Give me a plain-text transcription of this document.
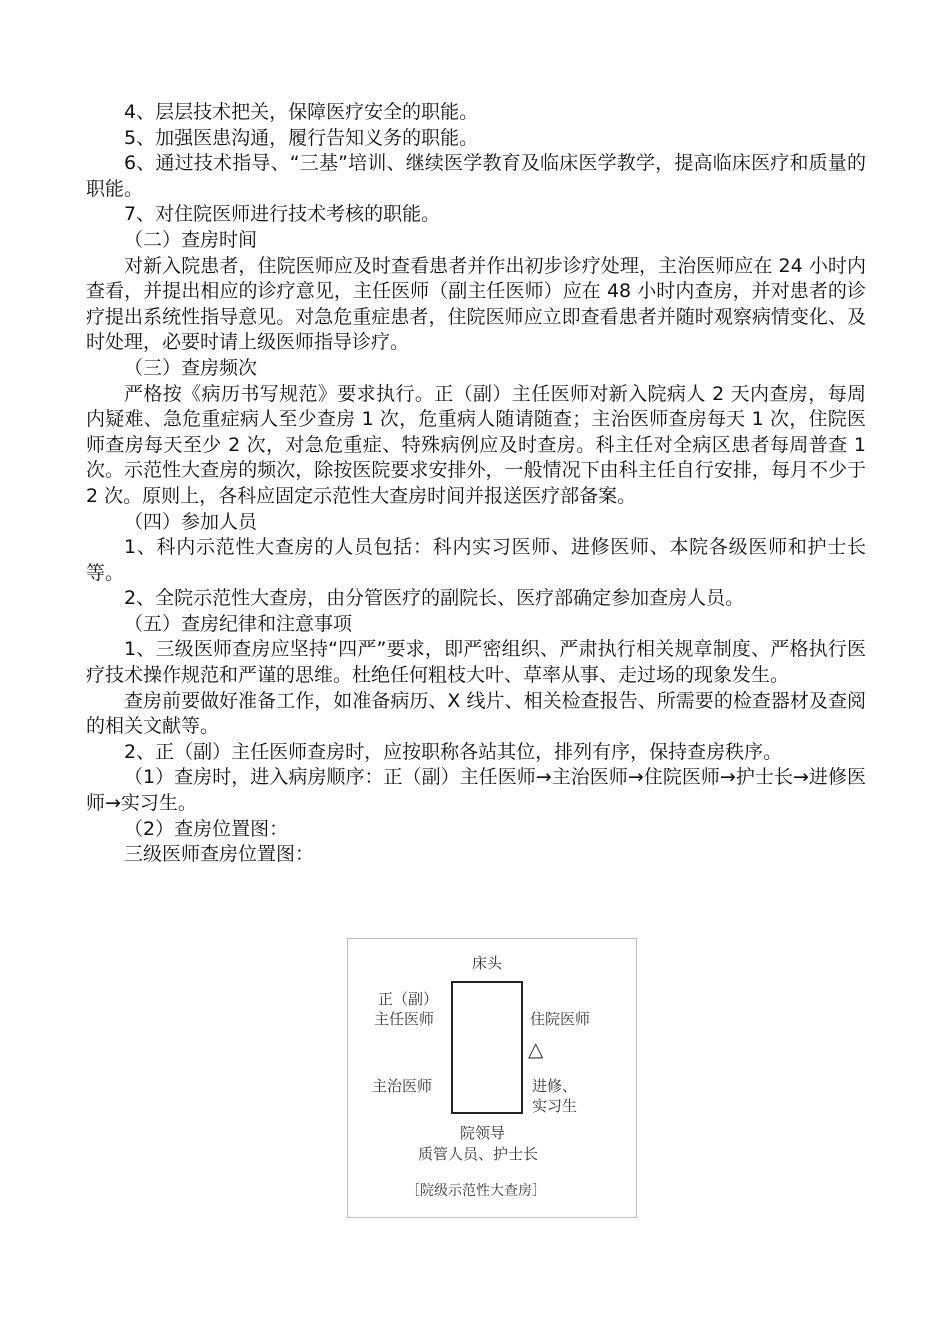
4、层层技术把关，保障医疗安全的职能。

5、加强医患沟通，履行告知义务的职能。

6、通过技术指导、“三基”培训、继续医学教育及临床医学教学，提高临床医疗和质量的职能。

7、对住院医师进行技术考核的职能。

（二）查房时间

对新入院患者，住院医师应及时查看患者并作出初步诊疗处理，主治医师应在 24 小时内查看，并提出相应的诊疗意见，主任医师（副主任医师）应在 48 小时内查房，并对患者的诊疗提出系统性指导意见。对急危重症患者，住院医师应立即查看患者并随时观察病情变化、及时处理，必要时请上级医师指导诊疗。

（三）查房频次

严格按《病历书写规范》要求执行。正（副）主任医师对新入院病人 2 天内查房，每周内疑难、急危重症病人至少查房 1 次，危重病人随请随查；主治医师查房每天 1 次，住院医师查房每天至少 2 次，对急危重症、特殊病例应及时查房。科主任对全病区患者每周普查 1 次。示范性大查房的频次，除按医院要求安排外，一般情况下由科主任自行安排，每月不少于 2 次。原则上，各科应固定示范性大查房时间并报送医疗部备案。

（四）参加人员

1、科内示范性大查房的人员包括：科内实习医师、进修医师、本院各级医师和护士长等。

2、全院示范性大查房，由分管医疗的副院长、医疗部确定参加查房人员。

（五）查房纪律和注意事项

1、三级医师查房应坚持“四严”要求，即严密组织、严肃执行相关规章制度、严格执行医疗技术操作规范和严谨的思维。杜绝任何粗枝大叶、草率从事、走过场的现象发生。

查房前要做好准备工作，如准备病历、X 线片、相关检查报告、所需要的检查器材及查阅的相关文献等。

2、正（副）主任医师查房时，应按职称各站其位，排列有序，保持查房秩序。

（1）查房时，进入病房顺序：正（副）主任医师→主治医师→住院医师→护士长→进修医师→实习生。

（2）查房位置图：

三级医师查房位置图：

床头
正（副）
主任医师	住院医师
△
主治医师	进修、
实习生
院领导
质管人员、护士长
［院级示范性大查房］
